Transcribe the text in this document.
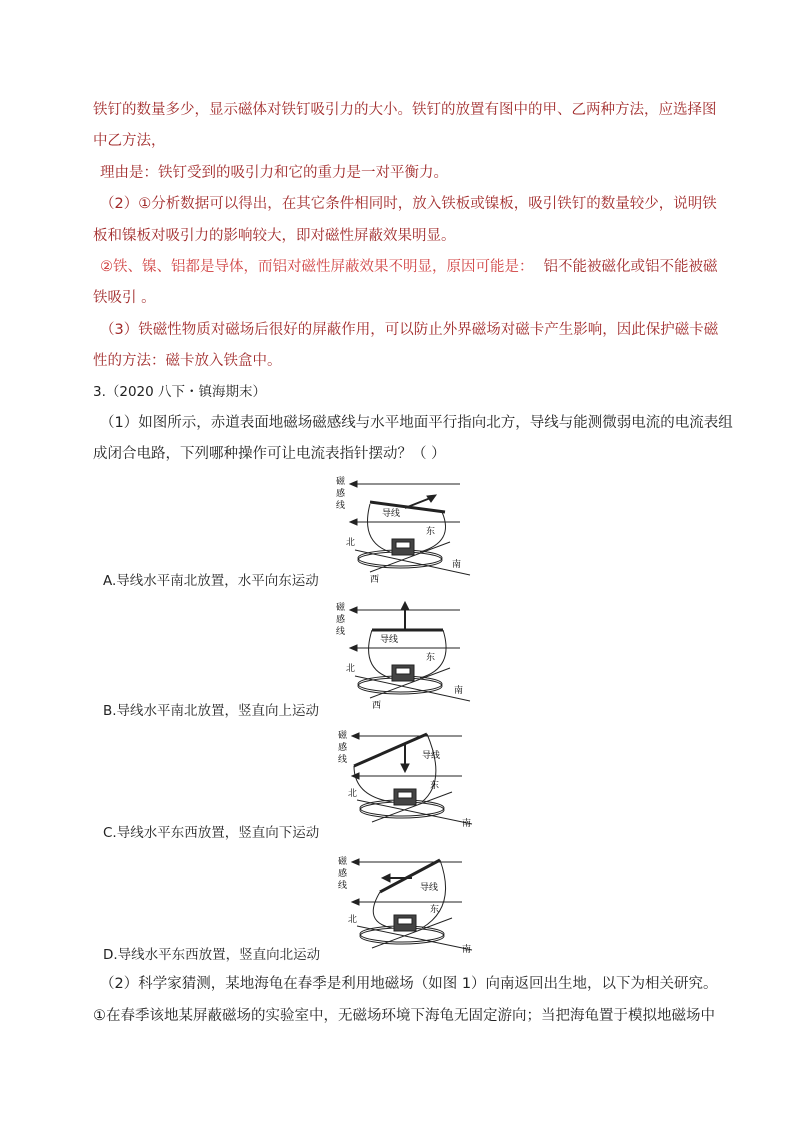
铁钉的数量多少，显示磁体对铁钉吸引力的大小。铁钉的放置有图中的甲、乙两种方法，应选择图
中乙方法，
理由是：铁钉受到的吸引力和它的重力是一对平衡力。
（2）①分析数据可以得出，在其它条件相同时，放入铁板或镍板，吸引铁钉的数量较少，说明铁
板和镍板对吸引力的影响较大，即对磁性屏蔽效果明显。
②铁、镍、铝都是导体，而铝对磁性屏蔽效果不明显，原因可能是： 铝不能被磁化或铝不能被磁
铁吸引 。
（3）铁磁性物质对磁场后很好的屏蔽作用，可以防止外界磁场对磁卡产生影响，因此保护磁卡磁
性的方法：磁卡放入铁盒中。
3.（2020 八下・镇海期末）
（1）如图所示，赤道表面地磁场磁感线与水平地面平行指向北方，导线与能测微弱电流的电流表组
成闭合电路，下列哪种操作可让电流表指针摆动？（ ）
磁
感
线
导线
东
北
南
西
A.导线水平南北放置，水平向东运动
磁
感
线
导线
东
北
南
西
B.导线水平南北放置，竖直向上运动
磁
感
线	导线
东
北
南
C.导线水平东西放置，竖直向下运动
磁
感
线	导线
东
北
南
D.导线水平东西放置，竖直向北运动
（2）科学家猜测，某地海龟在春季是利用地磁场（如图 1）向南返回出生地，以下为相关研究。
①在春季该地某屏蔽磁场的实验室中，无磁场环境下海龟无固定游向；当把海龟置于模拟地磁场中
